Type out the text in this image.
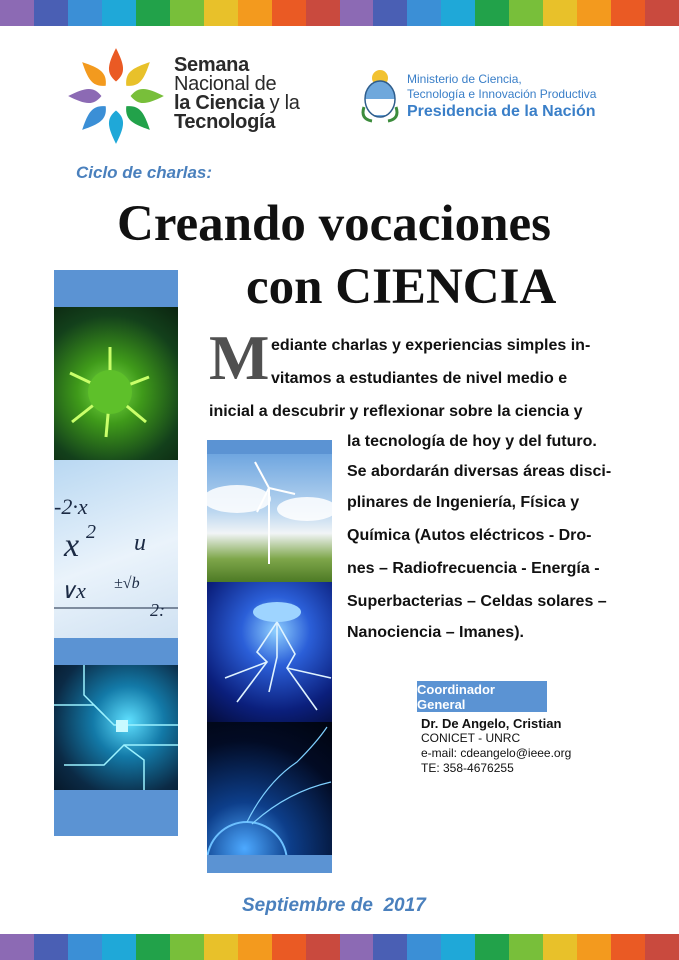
Semana
Nacional de
la Ciencia y la
Tecnología
Ministerio de Ciencia,
Tecnología e Innovación Productiva
Presidencia de la Nación
Ciclo de charlas:
Creando vocaciones
con CIENCIA
-2·x
x 2 u
∨x ±√b
2:
M ediante charlas y experiencias simples in-
vitamos a estudiantes de nivel medio e
inicial a descubrir y reflexionar sobre la ciencia y
la tecnología de hoy y del futuro.
Se abordarán diversas áreas disci-
plinares de Ingeniería, Física y
Química (Autos eléctricos - Dro-
nes – Radiofrecuencia - Energía -
Superbacterias – Celdas solares –
Nanociencia – Imanes).
Coordinador General
Dr. De Angelo, Cristian
CONICET - UNRC
e-mail: cdeangelo@ieee.org
TE: 358-4676255
Septiembre de  2017
